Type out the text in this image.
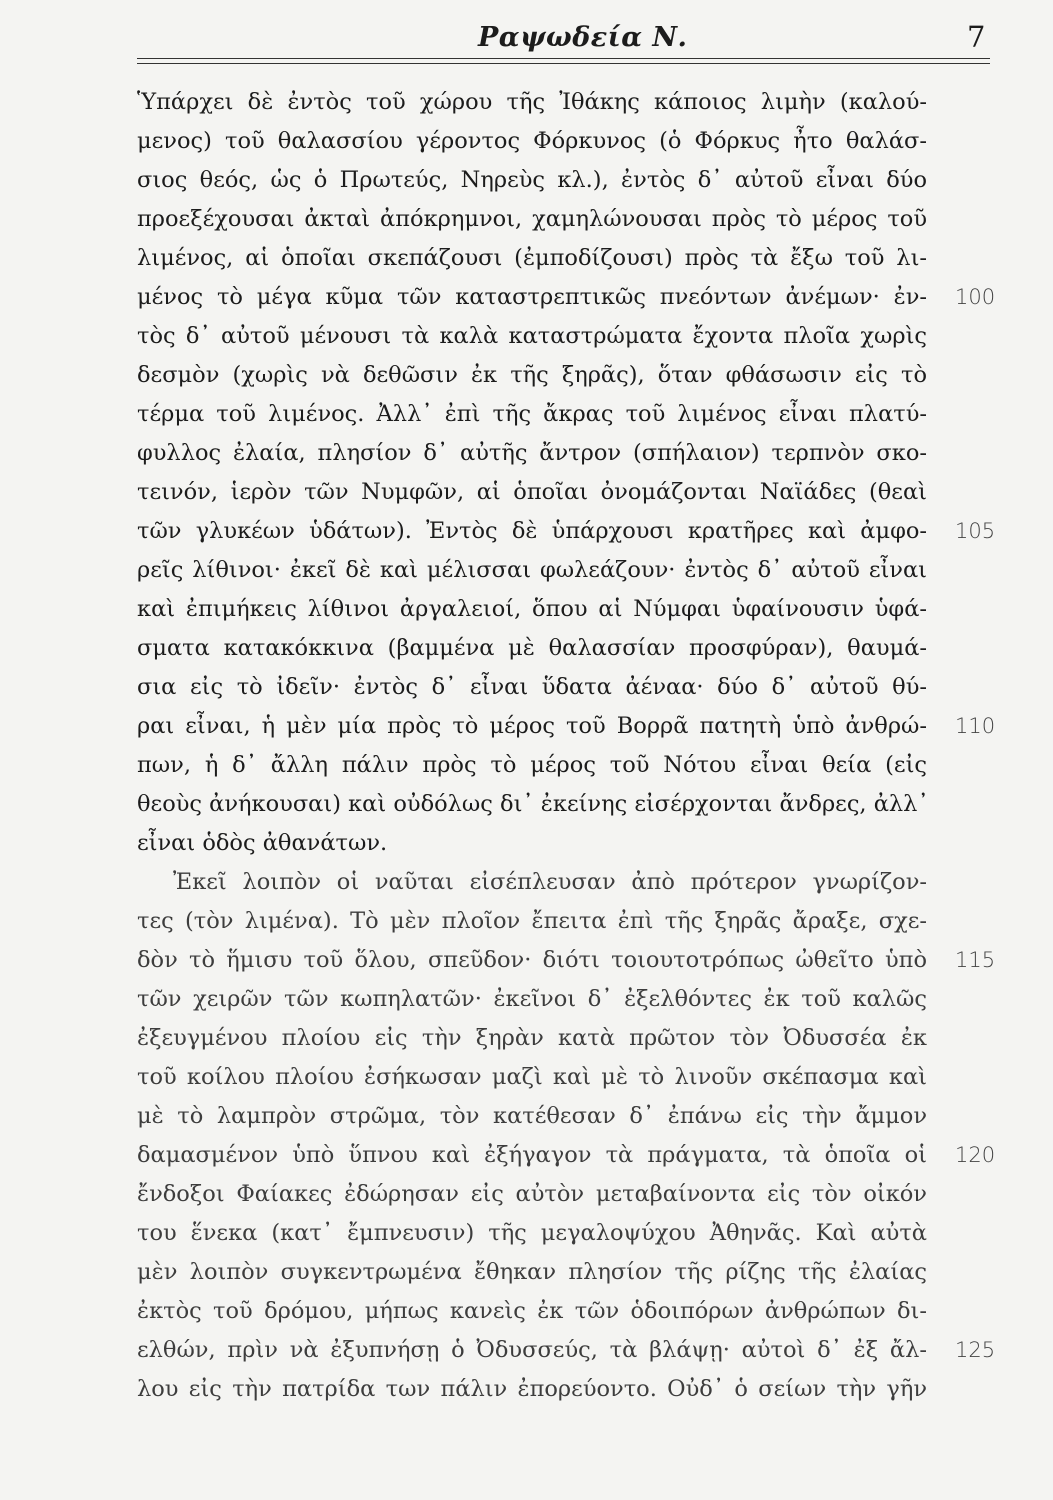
Ραψωδεία Ν.	7
Ὑπάρχει δὲ ἐντὸς τοῦ χώρου τῆς Ἰθάκης κάποιος λιμὴν (καλού-
μενος) τοῦ θαλασσίου γέροντος Φόρκυνος (ὁ Φόρκυς ἦτο θαλάσ-
σιος θεός, ὡς ὁ Πρωτεύς, Νηρεὺς κλ.), ἐντὸς δ᾽ αὐτοῦ εἶναι δύο
προεξέχουσαι ἀκταὶ ἀπόκρημνοι, χαμηλώνουσαι πρὸς τὸ μέρος τοῦ
λιμένος, αἱ ὁποῖαι σκεπάζουσι (ἐμποδίζουσι) πρὸς τὰ ἔξω τοῦ λι-
μένος τὸ μέγα κῦμα τῶν καταστρεπτικῶς πνεόντων ἀνέμων· ἐν-
τὸς δ᾽ αὐτοῦ μένουσι τὰ καλὰ καταστρώματα ἔχοντα πλοῖα χωρὶς
δεσμὸν (χωρὶς νὰ δεθῶσιν ἐκ τῆς ξηρᾶς), ὅταν φθάσωσιν εἰς τὸ
τέρμα τοῦ λιμένος. Ἀλλ᾽ ἐπὶ τῆς ἄκρας τοῦ λιμένος εἶναι πλατύ-
φυλλος ἐλαία, πλησίον δ᾽ αὐτῆς ἄντρον (σπήλαιον) τερπνὸν σκο-
τεινόν, ἱερὸν τῶν Νυμφῶν, αἱ ὁποῖαι ὀνομάζονται Ναϊάδες (θεαὶ
τῶν γλυκέων ὑδάτων). Ἐντὸς δὲ ὑπάρχουσι κρατῆρες καὶ ἀμφο-
ρεῖς λίθινοι· ἐκεῖ δὲ καὶ μέλισσαι φωλεάζουν· ἐντὸς δ᾽ αὐτοῦ εἶναι
καὶ ἐπιμήκεις λίθινοι ἀργαλειοί, ὅπου αἱ Νύμφαι ὑφαίνουσιν ὑφά-
σματα κατακόκκινα (βαμμένα μὲ θαλασσίαν προσφύραν), θαυμά-
σια εἰς τὸ ἰδεῖν· ἐντὸς δ᾽ εἶναι ὕδατα ἀέναα· δύο δ᾽ αὐτοῦ θύ-
ραι εἶναι, ἡ μὲν μία πρὸς τὸ μέρος τοῦ Βορρᾶ πατητὴ ὑπὸ ἀνθρώ-
πων, ἡ δ᾽ ἄλλη πάλιν πρὸς τὸ μέρος τοῦ Νότου εἶναι θεία (εἰς
θεοὺς ἀνήκουσαι) καὶ οὐδόλως δι᾽ ἐκείνης εἰσέρχονται ἄνδρες, ἀλλ᾽
εἶναι ὁδὸς ἀθανάτων.
Ἐκεῖ λοιπὸν οἱ ναῦται εἰσέπλευσαν ἀπὸ πρότερον γνωρίζον-
τες (τὸν λιμένα). Τὸ μὲν πλοῖον ἔπειτα ἐπὶ τῆς ξηρᾶς ἄραξε, σχε-
δὸν τὸ ἥμισυ τοῦ ὅλου, σπεῦδον· διότι τοιουτοτρόπως ὠθεῖτο ὑπὸ
τῶν χειρῶν τῶν κωπηλατῶν· ἐκεῖνοι δ᾽ ἐξελθόντες ἐκ τοῦ καλῶς
ἐξευγμένου πλοίου εἰς τὴν ξηρὰν κατὰ πρῶτον τὸν Ὀδυσσέα ἐκ
τοῦ κοίλου πλοίου ἐσήκωσαν μαζὶ καὶ μὲ τὸ λινοῦν σκέπασμα καὶ
μὲ τὸ λαμπρὸν στρῶμα, τὸν κατέθεσαν δ᾽ ἐπάνω εἰς τὴν ἄμμον
δαμασμένον ὑπὸ ὕπνου καὶ ἐξήγαγον τὰ πράγματα, τὰ ὁποῖα οἱ
ἔνδοξοι Φαίακες ἐδώρησαν εἰς αὐτὸν μεταβαίνοντα εἰς τὸν οἰκόν
του ἕνεκα (κατ᾽ ἔμπνευσιν) τῆς μεγαλοψύχου Ἀθηνᾶς. Καὶ αὐτὰ
μὲν λοιπὸν συγκεντρωμένα ἔθηκαν πλησίον τῆς ρίζης τῆς ἐλαίας
ἐκτὸς τοῦ δρόμου, μήπως κανεὶς ἐκ τῶν ὁδοιπόρων ἀνθρώπων δι-
ελθών, πρὶν νὰ ἐξυπνήσῃ ὁ Ὀδυσσεύς, τὰ βλάψῃ· αὐτοὶ δ᾽ ἐξ ἄλ-
λου εἰς τὴν πατρίδα των πάλιν ἐπορεύοντο. Οὐδ᾽ ὁ σείων τὴν γῆν
100
105
110
115
120
125
